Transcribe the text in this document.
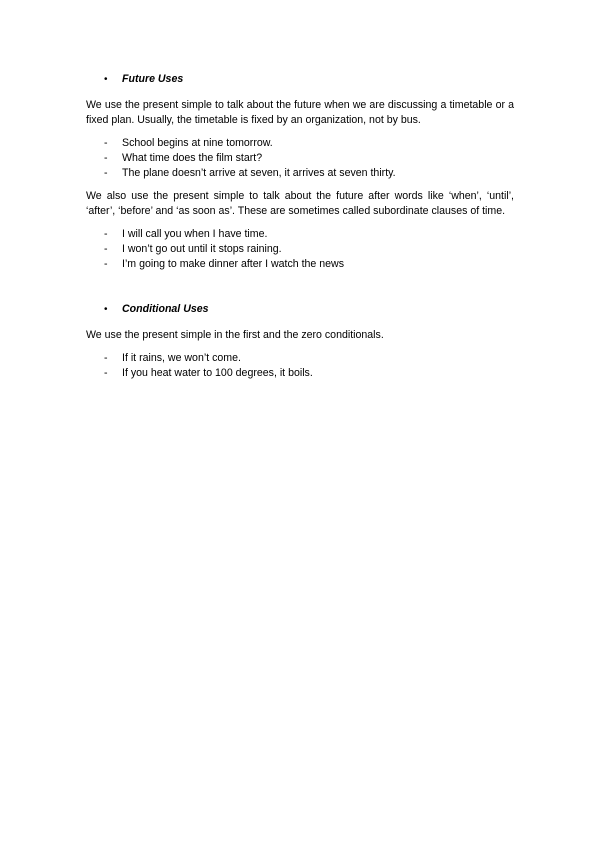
• Future Uses

We use the present simple to talk about the future when we are discussing a timetable or a fixed plan. Usually, the timetable is fixed by an organization, not by bus.

- School begins at nine tomorrow.
- What time does the film start?
- The plane doesn’t arrive at seven, it arrives at seven thirty.

We also use the present simple to talk about the future after words like ‘when’, ‘until’, ‘after’, ‘before’ and ‘as soon as’. These are sometimes called subordinate clauses of time.

- I will call you when I have time.
- I won’t go out until it stops raining.
- I’m going to make dinner after I watch the news
• Conditional Uses

We use the present simple in the first and the zero conditionals.

- If it rains, we won’t come.
- If you heat water to 100 degrees, it boils.
